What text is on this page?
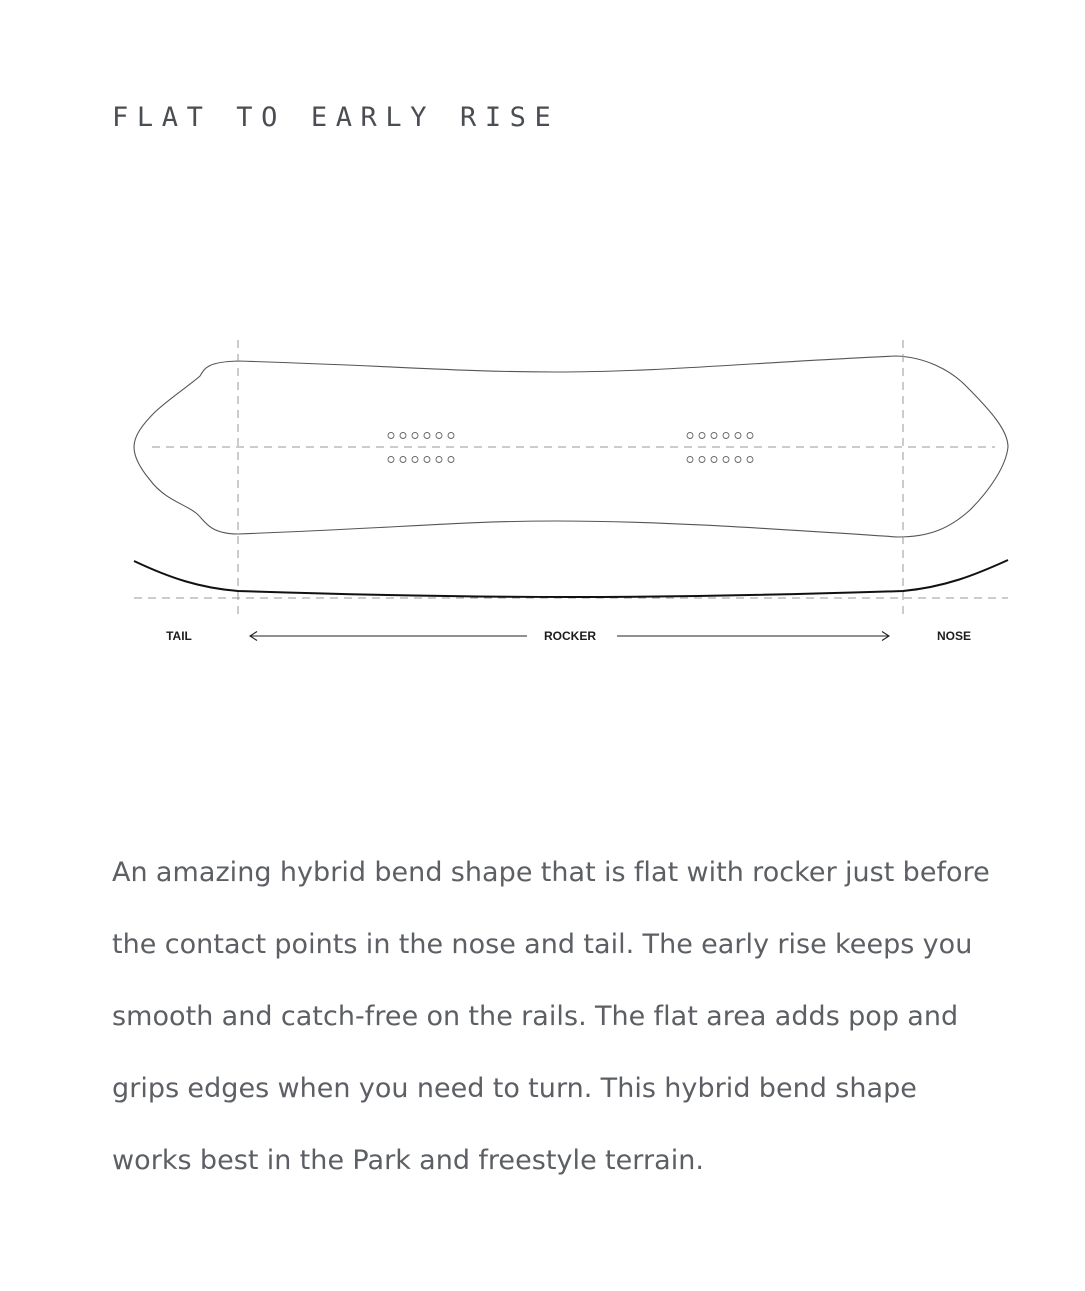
FLAT TO EARLY RISE
TAIL	ROCKER	NOSE

An amazing hybrid bend shape that is flat with rocker just before
the contact points in the nose and tail. The early rise keeps you
smooth and catch-free on the rails. The flat area adds pop and
grips edges when you need to turn. This hybrid bend shape
works best in the Park and freestyle terrain.
